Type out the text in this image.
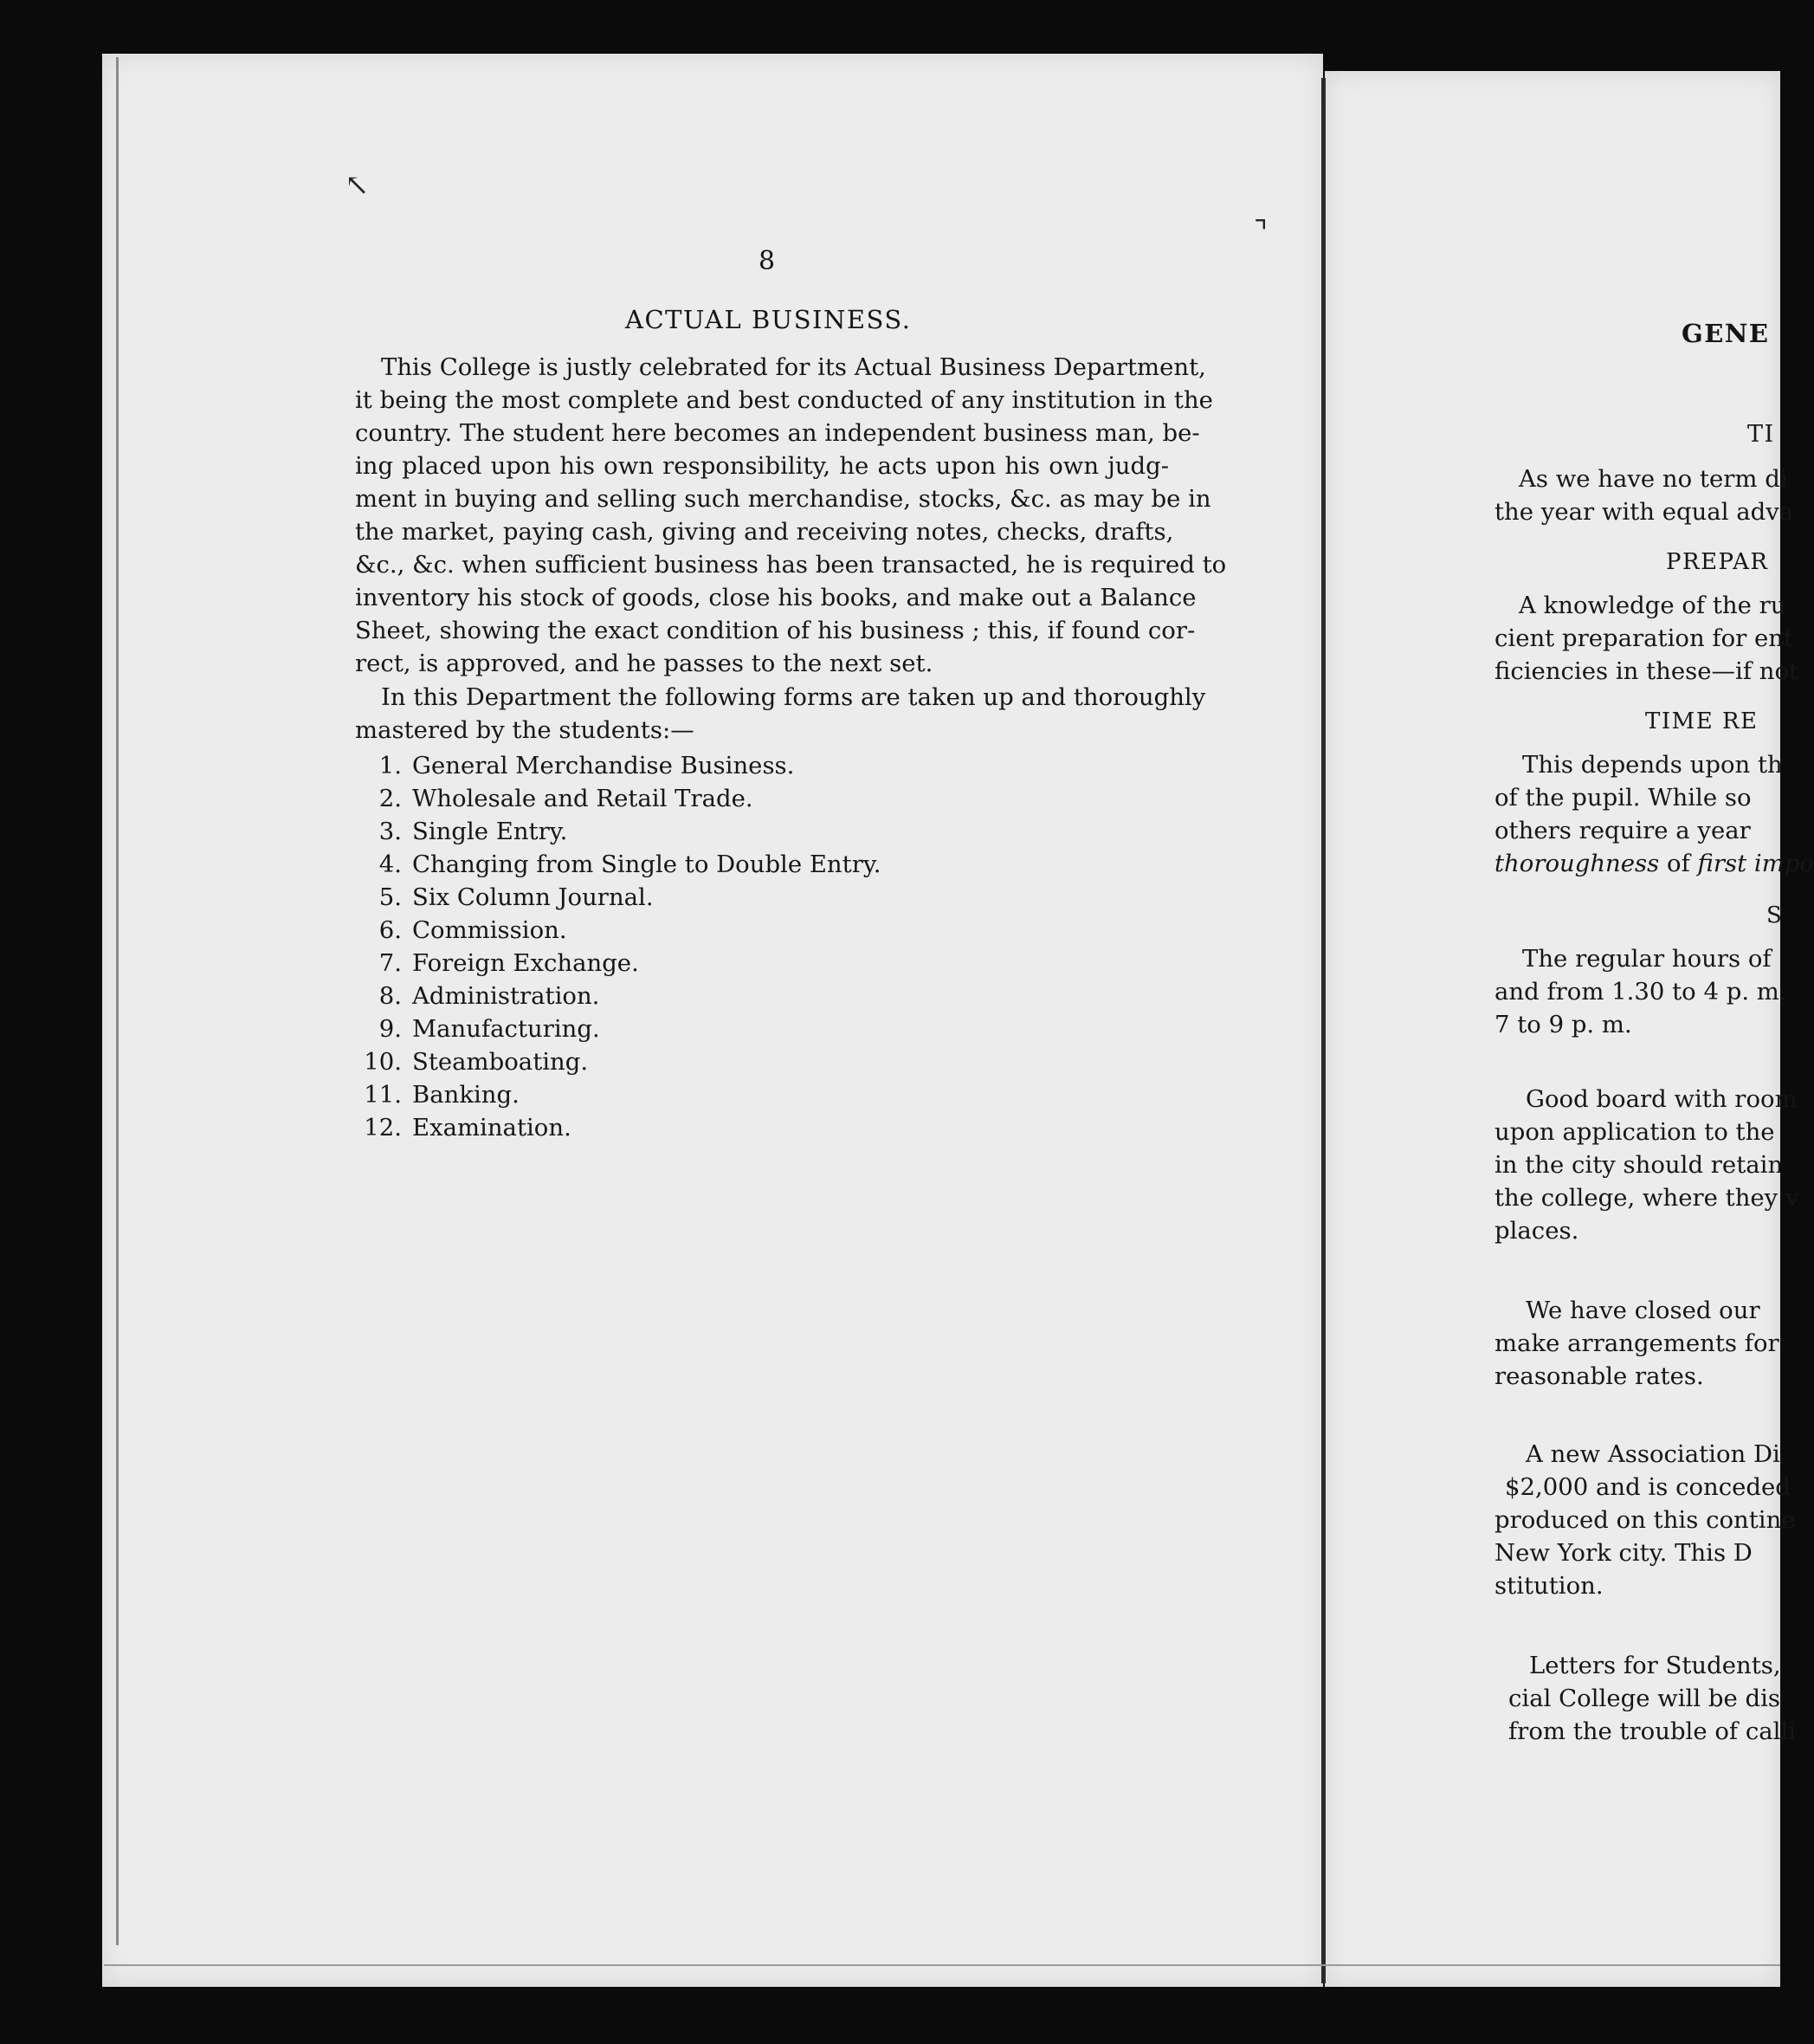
↖
⌝
8
ACTUAL BUSINESS.
This College is justly celebrated for its Actual Business Department,
it being the most complete and best conducted of any institution in the
country. The student here becomes an independent business man, be-
ing placed upon his own responsibility, he acts upon his own judg-
ment in buying and selling such merchandise, stocks, &c. as may be in
the market, paying cash, giving and receiving notes, checks, drafts,
&c., &c. when sufficient business has been transacted, he is required to
inventory his stock of goods, close his books, and make out a Balance
Sheet, showing the exact condition of his business ; this, if found cor-
rect, is approved, and he passes to the next set.
In this Department the following forms are taken up and thoroughly
mastered by the students:—
1. General Merchandise Business.
2. Wholesale and Retail Trade.
3. Single Entry.
4. Changing from Single to Double Entry.
5. Six Column Journal.
6. Commission.
7. Foreign Exchange.
8. Administration.
9. Manufacturing.
10. Steamboating.
11. Banking.
12. Examination.
GENE
TI
As we have no term di
the year with equal adva
PREPAR
A knowledge of the ru
cient preparation for ent
ficiencies in these—if not
TIME RE
This depends upon th
of the pupil. While so
others require a year
thoroughness of first impo
S
The regular hours of
and from 1.30 to 4 p. m.
7 to 9 p. m.
Good board with room
upon application to the
in the city should retain
the college, where they v
places.
We have closed our
make arrangements for
reasonable rates.
A new Association Di
$2,000 and is conceded
produced on this contine
New York city. This D
stitution.
Letters for Students,
cial College will be dis
from the trouble of calli
